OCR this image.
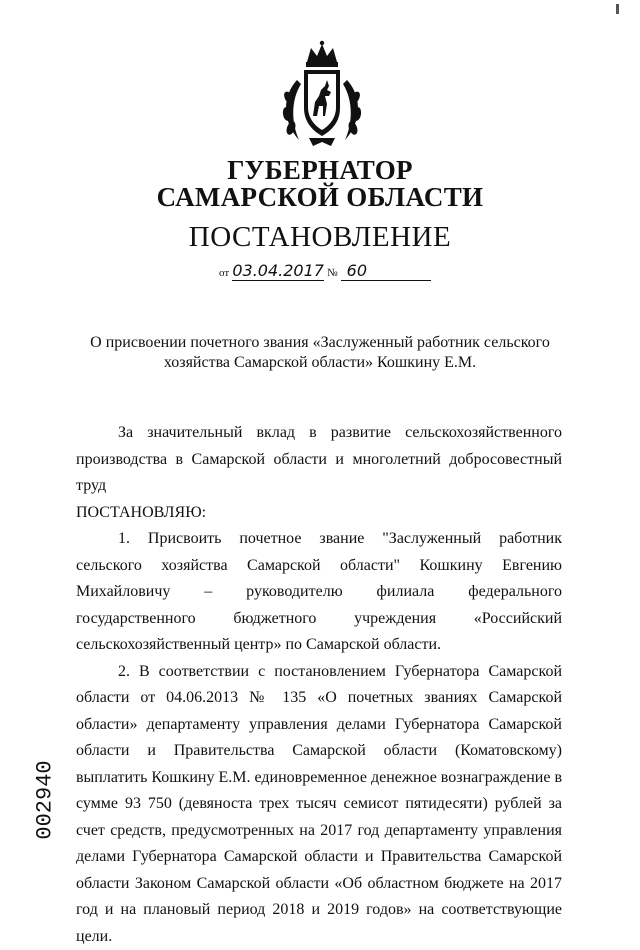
ГУБЕРНАТОР
САМАРСКОЙ ОБЛАСТИ
ПОСТАНОВЛЕНИЕ
от 03.04.2017 № 60
О присвоении почетного звания «Заслуженный работник сельского хозяйства Самарской области» Кошкину Е.М.

За значительный вклад в развитие сельскохозяйственного производства в Самарской области и многолетний добросовестный труд

ПОСТАНОВЛЯЮ:

1. Присвоить почетное звание "Заслуженный работник сельского хозяйства Самарской области" Кошкину Евгению Михайловичу – руководителю филиала федерального государственного бюджетного учреждения «Российский сельскохозяйственный центр» по Самарской области.

2. В соответствии с постановлением Губернатора Самарской области от 04.06.2013 № 135 «О почетных званиях Самарской области» департаменту управления делами Губернатора Самарской области и Правительства Самарской области (Коматовскому) выплатить Кошкину Е.М. единовременное денежное вознаграждение в сумме 93 750 (девяноста трех тысяч семисот пятидесяти) рублей за счет средств, предусмотренных на 2017 год департаменту управления делами Губернатора Самарской области и Правительства Самарской области Законом Самарской области «Об областном бюджете на 2017 год и на плановый период 2018 и 2019 годов» на соответствующие цели.

002940
